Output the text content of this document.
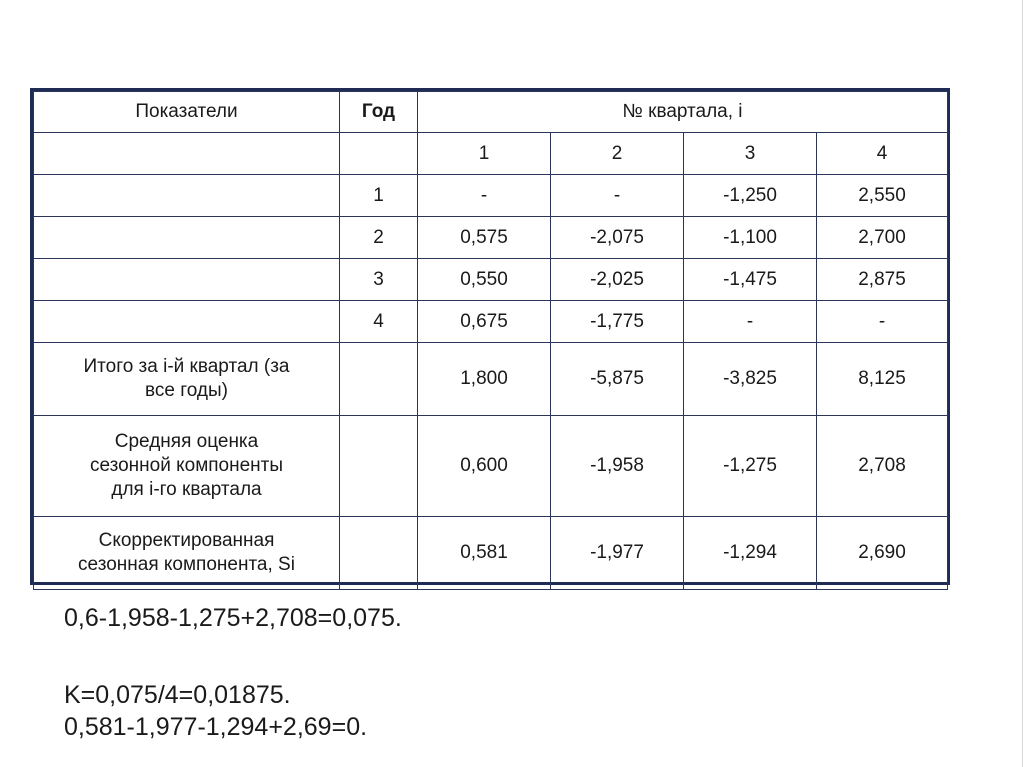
Показатели	Год	№ квартала, i			
		1	2	3	4
	1	-	-	-1,250	2,550
	2	0,575	-2,075	-1,100	2,700
	3	0,550	-2,025	-1,475	2,875
	4	0,675	-1,775	-	-

Итого за i-й квартал (за
все годы)		1,800	-5,875	-3,825	8,125

Средняя оценка
сезонной компоненты
для i-го квартала		0,600	-1,958	-1,275	2,708

Скорректированная
сезонная компонента, Si		0,581	-1,977	-1,294	2,690
0,6-1,958-1,275+2,708=0,075.
K=0,075/4=0,01875.
0,581-1,977-1,294+2,69=0.
